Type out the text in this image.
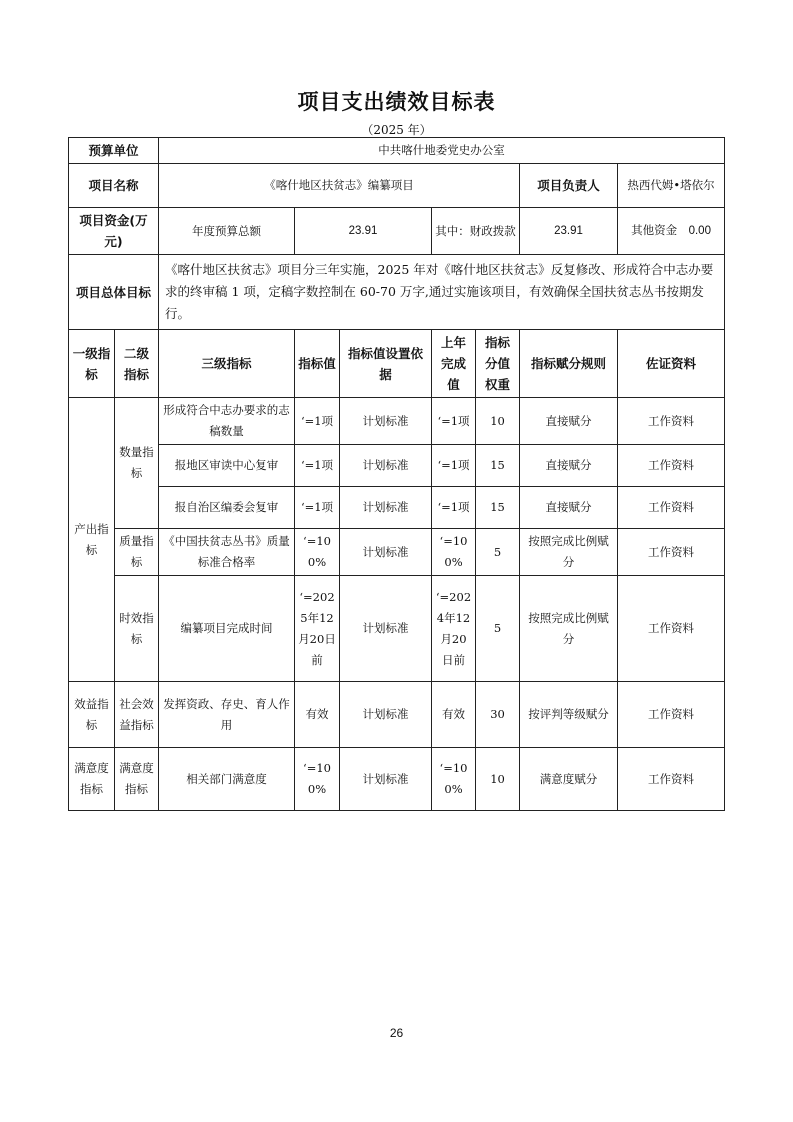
项目支出绩效目标表
（2025 年）
预算单位		中共喀什地委党史办公室						
项目名称		《喀什地区扶贫志》编纂项目					项目负责人	热西代姆•塔依尔
项目资金(万元)		年度预算总额	23.91		其中：财政拨款		23.91	其他资金  0.00
项目总体目标		《喀什地区扶贫志》项目分三年实施，2025 年对《喀什地区扶贫志》反复修改、形成符合中志办要求的终审稿 1 项，定稿字数控制在 60-70 万字,通过实施该项目，有效确保全国扶贫志丛书按期发行。						
一级指标	二级指标	三级指标	指标值	指标值设置依据	上年完成值	指标分值权重	指标赋分规则	佐证资料
产出指标	数量指标	形成符合中志办要求的志稿数量	‘=1项	计划标准	‘=1项	10	直接赋分	工作资料
		报地区审读中心复审	‘=1项	计划标准	‘=1项	15	直接赋分	工作资料
		报自治区编委会复审	‘=1项	计划标准	‘=1项	15	直接赋分	工作资料
	质量指标	《中国扶贫志丛书》质量标准合格率	‘=100%	计划标准	‘=100%	5	按照完成比例赋分	工作资料
	时效指标	编纂项目完成时间	‘=2025年12月20日前	计划标准	‘=2024年12月20日前	5	按照完成比例赋分	工作资料
效益指标	社会效益指标	发挥资政、存史、育人作用	有效	计划标准	有效	30	按评判等级赋分	工作资料
满意度指标	满意度指标	相关部门满意度	‘=100%	计划标准	‘=100%	10	满意度赋分	工作资料
26
